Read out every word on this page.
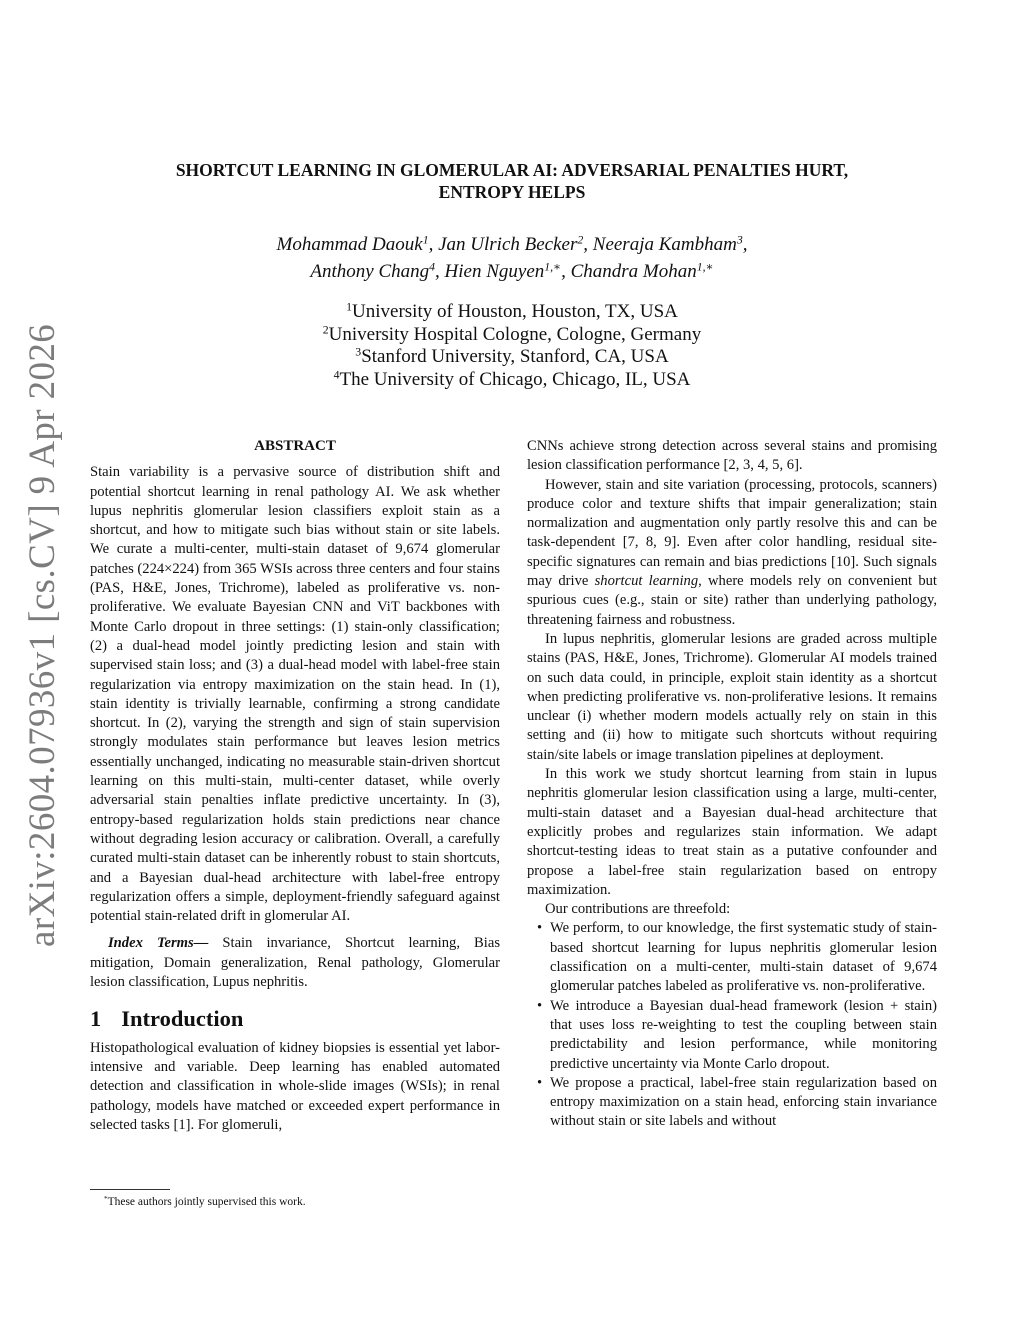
arXiv:2604.07936v1 [cs.CV] 9 Apr 2026
SHORTCUT LEARNING IN GLOMERULAR AI: ADVERSARIAL PENALTIES HURT,
ENTROPY HELPS
Mohammad Daouk$^1$, Jan Ulrich Becker$^2$, Neeraja Kambham$^3$,
Anthony Chang$^4$, Hien Nguyen$^{1,∗}$, Chandra Mohan$^{1,∗}$
$^1$University of Houston, Houston, TX, USA
$^2$University Hospital Cologne, Cologne, Germany
$^3$Stanford University, Stanford, CA, USA
$^4$The University of Chicago, Chicago, IL, USA
ABSTRACT

Stain variability is a pervasive source of distribution shift and potential shortcut learning in renal pathology AI. We ask whether lupus nephritis glomerular lesion classifiers exploit stain as a shortcut, and how to mitigate such bias without stain or site labels. We curate a multi-center, multi-stain dataset of 9,674 glomerular patches (224×224) from 365 WSIs across three centers and four stains (PAS, H&E, Jones, Trichrome), labeled as proliferative vs. non-proliferative. We evaluate Bayesian CNN and ViT backbones with Monte Carlo dropout in three settings: (1) stain-only classification; (2) a dual-head model jointly predicting lesion and stain with supervised stain loss; and (3) a dual-head model with label-free stain regularization via entropy maximization on the stain head. In (1), stain identity is trivially learnable, confirming a strong candidate shortcut. In (2), varying the strength and sign of stain supervision strongly modulates stain performance but leaves lesion metrics essentially unchanged, indicating no measurable stain-driven shortcut learning on this multi-stain, multi-center dataset, while overly adversarial stain penalties inflate predictive uncertainty. In (3), entropy-based regularization holds stain predictions near chance without degrading lesion accuracy or calibration. Overall, a carefully curated multi-stain dataset can be inherently robust to stain shortcuts, and a Bayesian dual-head architecture with label-free entropy regularization offers a simple, deployment-friendly safeguard against potential stain-related drift in glomerular AI.

Index Terms— Stain invariance, Shortcut learning, Bias mitigation, Domain generalization, Renal pathology, Glomerular lesion classification, Lupus nephritis.

1 Introduction

Histopathological evaluation of kidney biopsies is essential yet labor-intensive and variable. Deep learning has enabled automated detection and classification in whole-slide images (WSIs); in renal pathology, models have matched or exceeded expert performance in selected tasks [1]. For glomeruli,

CNNs achieve strong detection across several stains and promising lesion classification performance [2, 3, 4, 5, 6].

However, stain and site variation (processing, protocols, scanners) produce color and texture shifts that impair generalization; stain normalization and augmentation only partly resolve this and can be task-dependent [7, 8, 9]. Even after color handling, residual site-specific signatures can remain and bias predictions [10]. Such signals may drive shortcut learning, where models rely on convenient but spurious cues (e.g., stain or site) rather than underlying pathology, threatening fairness and robustness.

In lupus nephritis, glomerular lesions are graded across multiple stains (PAS, H&E, Jones, Trichrome). Glomerular AI models trained on such data could, in principle, exploit stain identity as a shortcut when predicting proliferative vs. non-proliferative lesions. It remains unclear (i) whether modern models actually rely on stain in this setting and (ii) how to mitigate such shortcuts without requiring stain/site labels or image translation pipelines at deployment.

In this work we study shortcut learning from stain in lupus nephritis glomerular lesion classification using a large, multi-center, multi-stain dataset and a Bayesian dual-head architecture that explicitly probes and regularizes stain information. We adapt shortcut-testing ideas to treat stain as a putative confounder and propose a label-free stain regularization based on entropy maximization.

Our contributions are threefold:

• We perform, to our knowledge, the first systematic study of stain-based shortcut learning for lupus nephritis glomerular lesion classification on a multi-center, multi-stain dataset of 9,674 glomerular patches labeled as proliferative vs. non-proliferative.
• We introduce a Bayesian dual-head framework (lesion + stain) that uses loss re-weighting to test the coupling between stain predictability and lesion performance, while monitoring predictive uncertainty via Monte Carlo dropout.
• We propose a practical, label-free stain regularization based on entropy maximization on a stain head, enforcing stain invariance without stain or site labels and without
*These authors jointly supervised this work.
